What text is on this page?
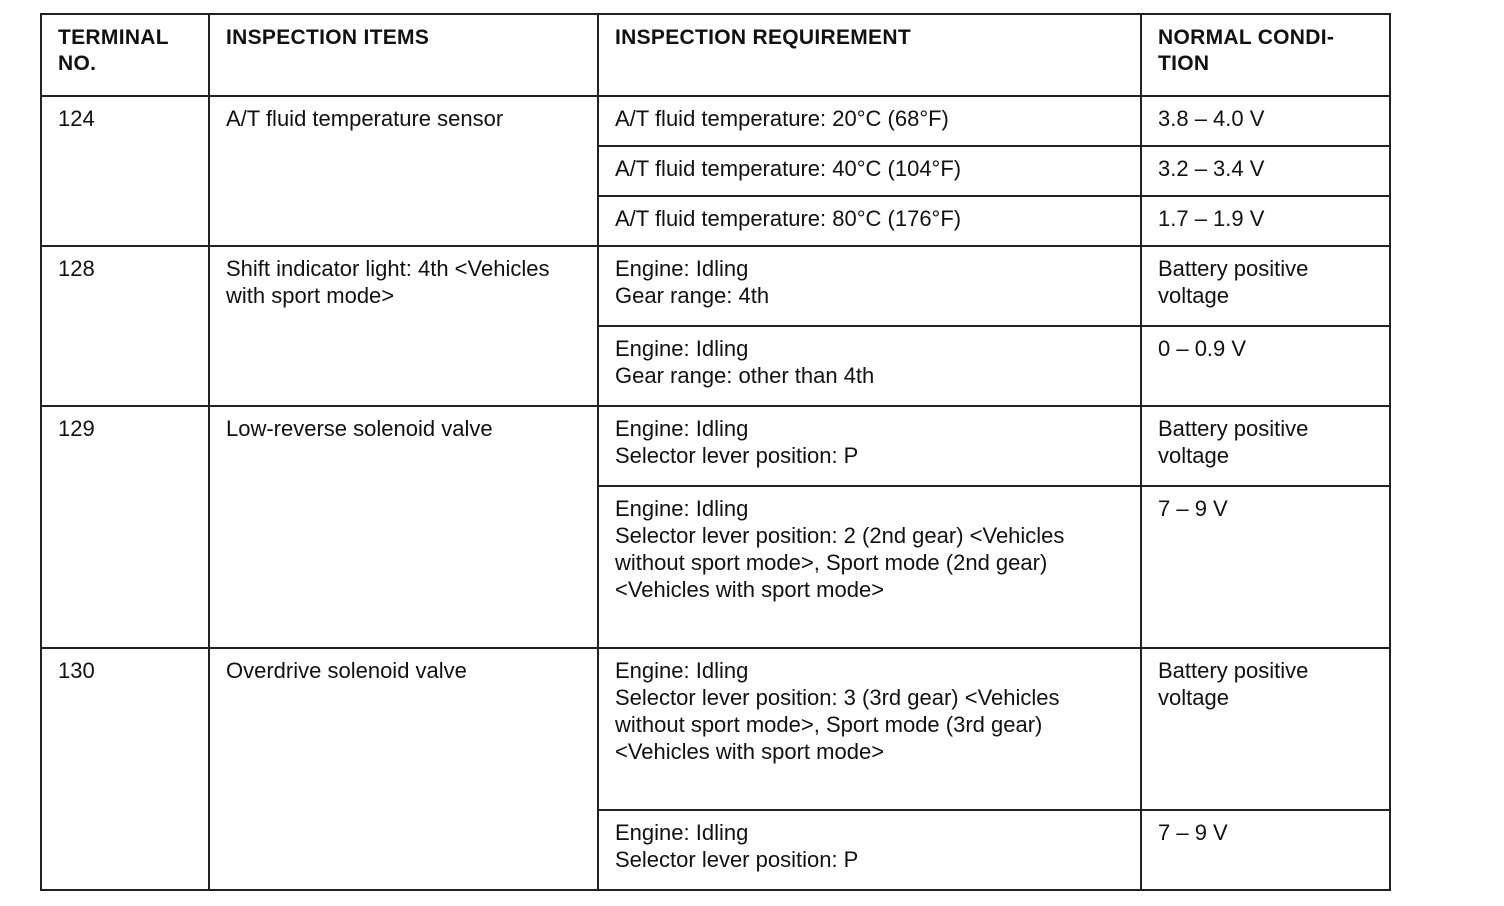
TERMINAL NO.	INSPECTION ITEMS	INSPECTION REQUIREMENT	NORMAL CONDI-TION
124	A/T fluid temperature sensor	A/T fluid temperature: 20°C (68°F)	3.8 – 4.0 V

		A/T fluid temperature: 40°C (104°F)	3.2 – 3.4 V

		A/T fluid temperature: 80°C (176°F)	1.7 – 1.9 V
128	Shift indicator light: 4th <Vehicles with sport mode>	Engine: Idling
Gear range: 4th	Battery positive voltage

		Engine: Idling
Gear range: other than 4th	0 – 0.9 V
129	Low-reverse solenoid valve	Engine: Idling
Selector lever position: P	Battery positive voltage

		Engine: Idling
Selector lever position: 2 (2nd gear) <Vehicles without sport mode>, Sport mode (2nd gear) <Vehicles with sport mode>	7 – 9 V
130	Overdrive solenoid valve	Engine: Idling
Selector lever position: 3 (3rd gear) <Vehicles without sport mode>, Sport mode (3rd gear) <Vehicles with sport mode>	Battery positive voltage

		Engine: Idling
Selector lever position: P	7 – 9 V
